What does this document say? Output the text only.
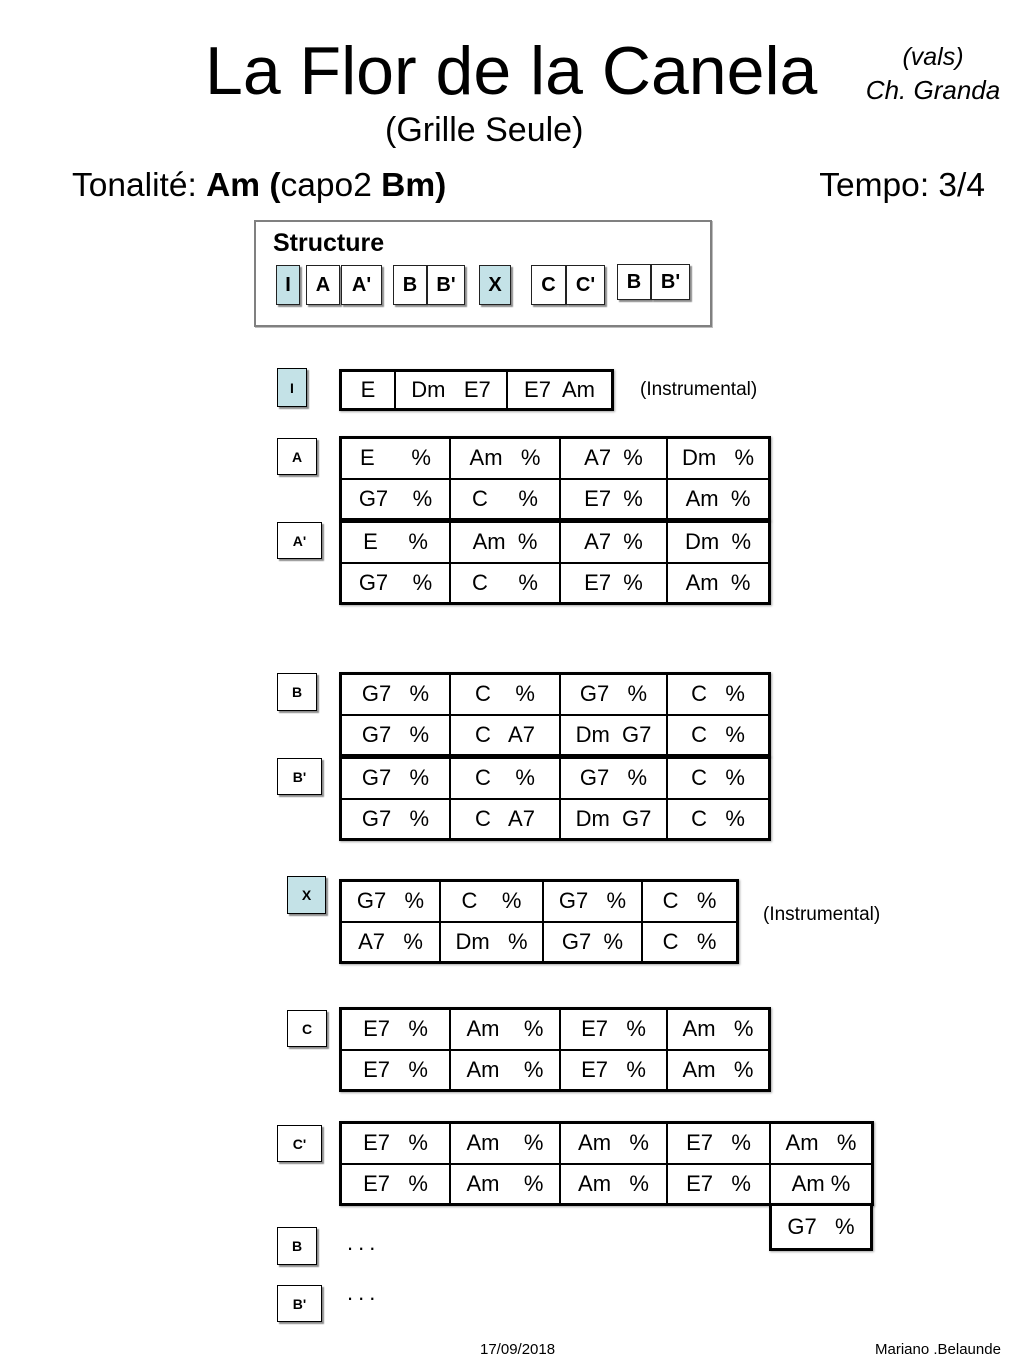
La Flor de la Canela	(vals)
Ch. Granda
(Grille Seule)
Tonalité: Am (capo2 Bm)	Tempo: 3/4
Structure
I	A	A'	B B'	X	C	C'	B B'
I	E	Dm   E7	E7  Am	(Instrumental)
A	E      %	Am   %	A7  %	Dm   %
G7    %	C     %	E7  %	Am  %
A'	E     %	Am  %	A7  %	Dm  %
G7    %	C     %	E7  %	Am  %
B	G7   %	C    %	G7   %	C   %
G7   %	C   A7	Dm  G7	C   %
B'	G7   %	C    %	G7   %	C   %
G7   %	C   A7	Dm  G7	C   %
X	G7   %	C    %	G7   %	C   %
A7   %	Dm   %	G7  %	C   %
(Instrumental)
C	E7   %	Am    %	E7   %	Am   %
E7   %	Am    %	E7   %	Am   %
C'	E7   %	Am    %	Am   %	E7   %	Am   %
E7   %	Am    %	Am   %	E7   %	Am %
G7   %
B	...
B'	...
17/09/2018	Mariano .Belaunde
